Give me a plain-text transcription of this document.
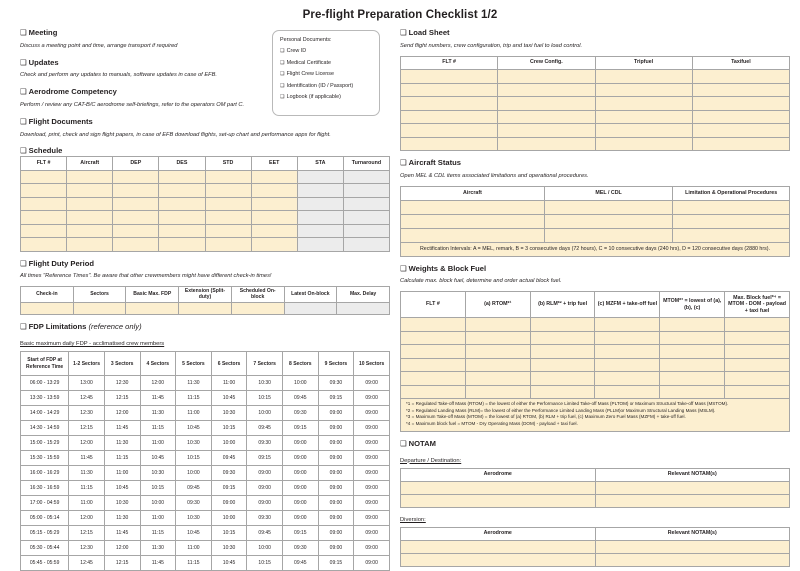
Pre-flight Preparation Checklist 1/2
Personal Documents:
❑ Crew ID
❑ Medical Certificate
❑ Flight Crew License
❑ Identification (ID / Passport)
❑ Logbook (if applicable)
❑ Meeting
Discuss a meeting point and time, arrange transport if required
❑ Updates
Check and perform any updates to manuals, software updates in case of EFB.
❑ Aerodrome Competency
Perform / review any CAT-B/C aerodrome self-briefings, refer to the operators OM part C.
❑ Flight Documents
Download, print, check and sign flight papers, in case of EFB download flights, set-up chart and performance apps for flight.
❑ Schedule
FLT #	Aircraft	DEP	DES	STD	EET	STA	Turnaround

❑ Flight Duty Period
All times "Reference Times". Be aware that other crewmembers might have different check-in times!
Check-in	Sectors	Basic Max. FDP	Extension (Split-duty)	Scheduled On-block	Latest On-block	Max. Delay

❑ FDP Limitations (reference only)
Basic maximum daily FDP - acclimatised crew members
Start of FDP at Reference Time	1-2 Sectors	3 Sectors	4 Sectors	5 Sectors	6 Sectors	7 Sectors	8 Sectors	9 Sectors	10 Sectors
06:00 - 13:29	13:00	12:30	12:00	11:30	11:00	10:30	10:00	09:30	09:00
13:30 - 13:59	12:45	12:15	11:45	11:15	10:45	10:15	09:45	09:15	09:00
14:00 - 14:29	12:30	12:00	11:30	11:00	10:30	10:00	09:30	09:00	09:00
14:30 - 14:59	12:15	11:45	11:15	10:45	10:15	09:45	09:15	09:00	09:00
15:00 - 15:29	12:00	11:30	11:00	10:30	10:00	09:30	09:00	09:00	09:00
15:30 - 15:59	11:45	11:15	10:45	10:15	09:45	09:15	09:00	09:00	09:00
16:00 - 16:29	11:30	11:00	10:30	10:00	09:30	09:00	09:00	09:00	09:00
16:30 - 16:59	11:15	10:45	10:15	09:45	09:15	09:00	09:00	09:00	09:00
17:00 - 04:59	11:00	10:30	10:00	09:30	09:00	09:00	09:00	09:00	09:00
05:00 - 05:14	12:00	11:30	11:00	10:30	10:00	09:30	09:00	09:00	09:00
05:15 - 05:29	12:15	11:45	11:15	10:45	10:15	09:45	09:15	09:00	09:00
05:30 - 05:44	12:30	12:00	11:30	11:00	10:30	10:00	09:30	09:00	09:00
05:45 - 05:59	12:45	12:15	11:45	11:15	10:45	10:15	09:45	09:15	09:00
❑ Load Sheet
Send flight numbers, crew configuration, trip and taxi fuel to load control.
FLT #	Crew Config.	Tripfuel	Taxifuel

❑ Aircraft Status
Open MEL & CDL items associated limitations and operational procedures.
Aircraft	MEL / CDL	Limitation & Operational Procedures

Rectification Intervals: A = MEL, remark, B = 3 consecutive days (72 hours), C = 10 consecutive days (240 hrs), D = 120 consecutive days (2880 hrs).		
❑ Weights & Block Fuel
Calculate max. block fuel, determine and order actual block fuel.
FLT #	(a) RTOM*¹	(b) RLM*² + trip fuel	(c) MZFM + take-off fuel	MTOM*³ = lowest of (a), (b), (c)	Max. Block fuel*⁴ = MTOM - DOM - payload + taxi fuel

*1 = Regulated Take-off Mass (RTOM) = the lowest of either the Performance Limited Take-off Mass (PLTOM) or Maximum Structural Take-off Mass (MSTOM).
*2 = Regulated Landing Mass (RLM)= the lowest of either the Performance Limited Landing Mass (PLLM)or Maximum Structural Landing Mass (MSLM).
*3 = Maximum Take-off Mass (MTOM) = the lowest of (a) RTOM, (b) RLM + trip fuel, (c) Maximum Zero Fuel Mass (MZFM) + take-off fuel.
*4 = Maximum block fuel = MTOM - Dry Operating Mass (DOM) - payload + taxi fuel.
❑ NOTAM
Departure / Destination:
Aerodrome	Relevant NOTAM(s)

Diversion:
Aerodrome	Relevant NOTAM(s)
